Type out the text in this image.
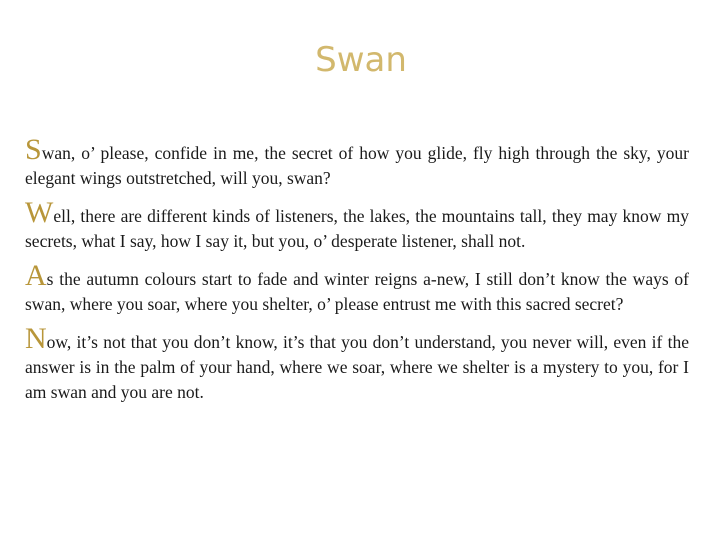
Swan

Swan, o’ please, confide in me, the secret of how you glide, fly high through the sky, your elegant wings outstretched, will you, swan?

Well, there are different kinds of listeners, the lakes, the mountains tall, they may know my secrets, what I say, how I say it, but you, o’ desperate listener, shall not.

As the autumn colours start to fade and winter reigns a-new, I still don’t know the ways of swan, where you soar, where you shelter, o’ please entrust me with this sacred secret?

Now, it’s not that you don’t know, it’s that you don’t understand, you never will, even if the answer is in the palm of your hand, where we soar, where we shelter is a mystery to you, for I am swan and you are not.
